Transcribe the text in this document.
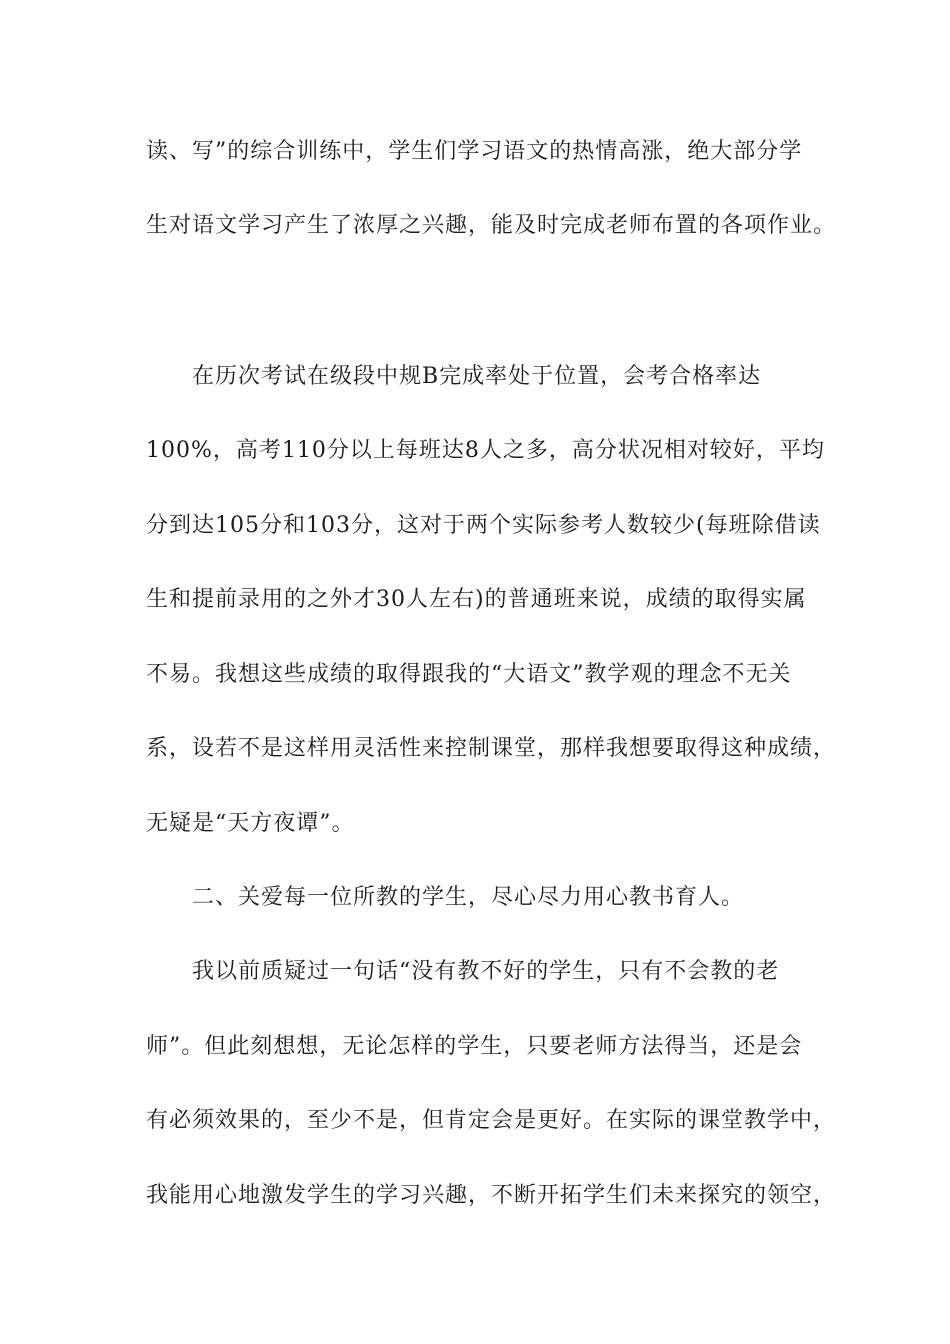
读、写”的综合训练中，学生们学习语文的热情高涨，绝大部分学
生对语文学习产生了浓厚之兴趣，能及时完成老师布置的各项作业。
在历次考试在级段中规B完成率处于位置，会考合格率达
100%，高考110分以上每班达8人之多，高分状况相对较好，平均
分到达105分和103分，这对于两个实际参考人数较少(每班除借读
生和提前录用的之外才30人左右)的普通班来说，成绩的取得实属
不易。我想这些成绩的取得跟我的“大语文”教学观的理念不无关
系，设若不是这样用灵活性来控制课堂，那样我想要取得这种成绩，
无疑是“天方夜谭”。
二、关爱每一位所教的学生，尽心尽力用心教书育人。
我以前质疑过一句话“没有教不好的学生，只有不会教的老
师”。但此刻想想，无论怎样的学生，只要老师方法得当，还是会
有必须效果的，至少不是，但肯定会是更好。在实际的课堂教学中，
我能用心地激发学生的学习兴趣，不断开拓学生们未来探究的领空，
